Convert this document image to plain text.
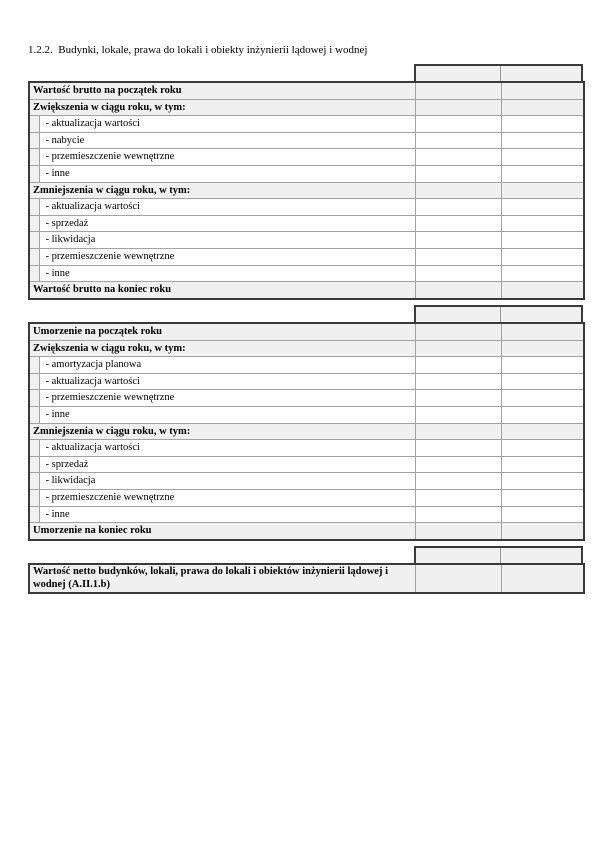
1.2.2.  Budynki, lokale, prawa do lokali i obiekty inżynierii lądowej i wodnej
Wartość brutto na początek roku			
Zwiększenia w ciągu roku, w tym:			
	- aktualizacja wartości		
	- nabycie		
	- przemieszczenie wewnętrzne		
	- inne		
Zmniejszenia w ciągu roku, w tym:			
	- aktualizacja wartości		
	- sprzedaż		
	- likwidacja		
	- przemieszczenie wewnętrzne		
	- inne		
Wartość brutto na koniec roku			
Umorzenie na początek roku			
Zwiększenia w ciągu roku, w tym:			
	- amortyzacja planowa		
	- aktualizacja wartości		
	- przemieszczenie wewnętrzne		
	- inne		
Zmniejszenia w ciągu roku, w tym:			
	- aktualizacja wartości		
	- sprzedaż		
	- likwidacja		
	- przemieszczenie wewnętrzne		
	- inne		
Umorzenie na koniec roku			
Wartość netto budynków, lokali, prawa do lokali i obiektów inżynierii lądowej i wodnej (A.II.1.b)		
